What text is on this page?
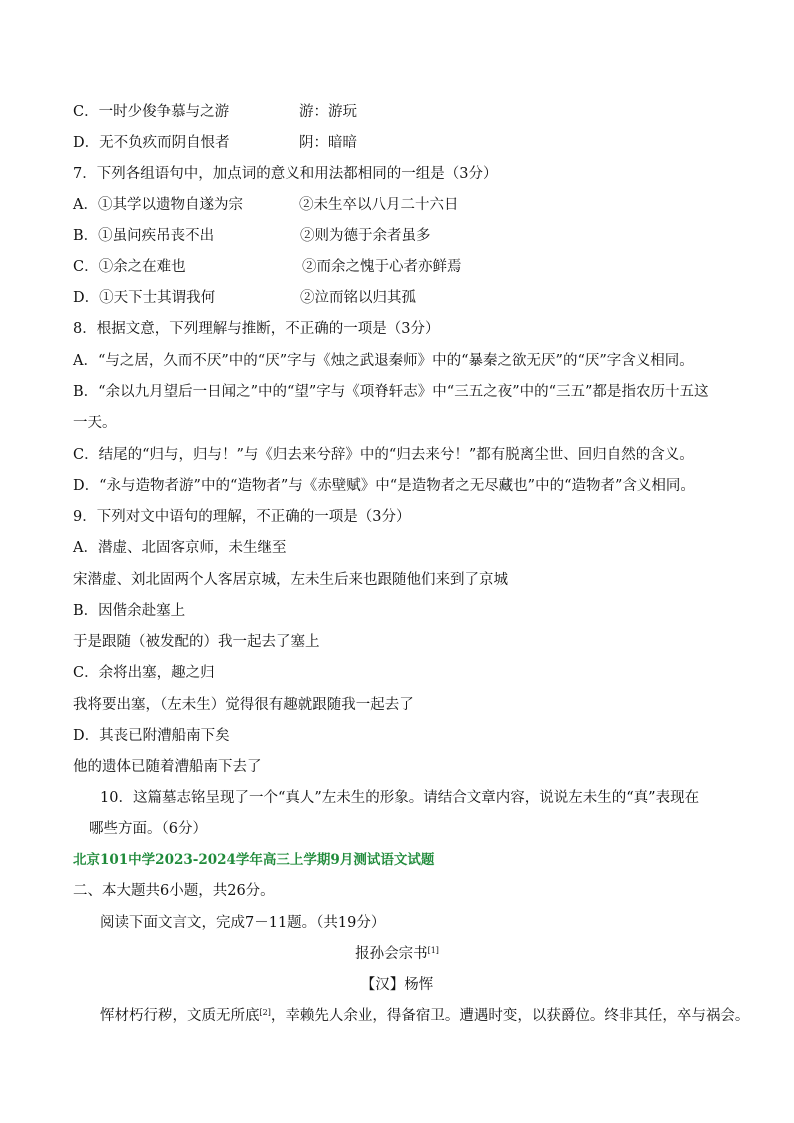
C．一时少俊争慕与之游	游：游玩
D．无不负疚而阴自恨者	阴：暗暗
7．下列各组语句中，加点词的意义和用法都相同的一组是（3分）
A．①其学以遗物自遂为宗	②未生卒以八月二十六日
B．①虽问疾吊丧不出	②则为德于余者虽多
C．①余之在难也	②而余之愧于心者亦鲜焉
D．①天下士其谓我何	②泣而铭以归其孤
8．根据文意，下列理解与推断，不正确的一项是（3分）
A．“与之居，久而不厌”中的“厌”字与《烛之武退秦师》中的“暴秦之欲无厌”的“厌”字含义相同。
B．“余以九月望后一日闻之”中的“望”字与《项脊轩志》中“三五之夜”中的“三五”都是指农历十五这
一天。
C．结尾的“归与，归与！”与《归去来兮辞》中的“归去来兮！”都有脱离尘世、回归自然的含义。
D．“永与造物者游”中的“造物者”与《赤壁赋》中“是造物者之无尽藏也”中的“造物者”含义相同。
9．下列对文中语句的理解，不正确的一项是（3分）
A．潜虚、北固客京师，未生继至
宋潜虚、刘北固两个人客居京城，左未生后来也跟随他们来到了京城
B．因偕余赴塞上
于是跟随（被发配的）我一起去了塞上
C．余将出塞，趣之归
我将要出塞，（左未生）觉得很有趣就跟随我一起去了
D．其丧已附漕船南下矣
他的遗体已随着漕船南下去了
10．这篇墓志铭呈现了一个“真人”左未生的形象。请结合文章内容，说说左未生的“真”表现在
哪些方面。（6分）
北京101中学2023-2024学年高三上学期9月测试语文试题
二、本大题共6小题，共26分。
阅读下面文言文，完成7－11题。（共19分）
报孙会宗书[1]
【汉】杨恽
恽材朽行秽，文质无所底[2]，幸赖先人余业，得备宿卫。遭遇时变，以获爵位。终非其任，卒与祸会。
